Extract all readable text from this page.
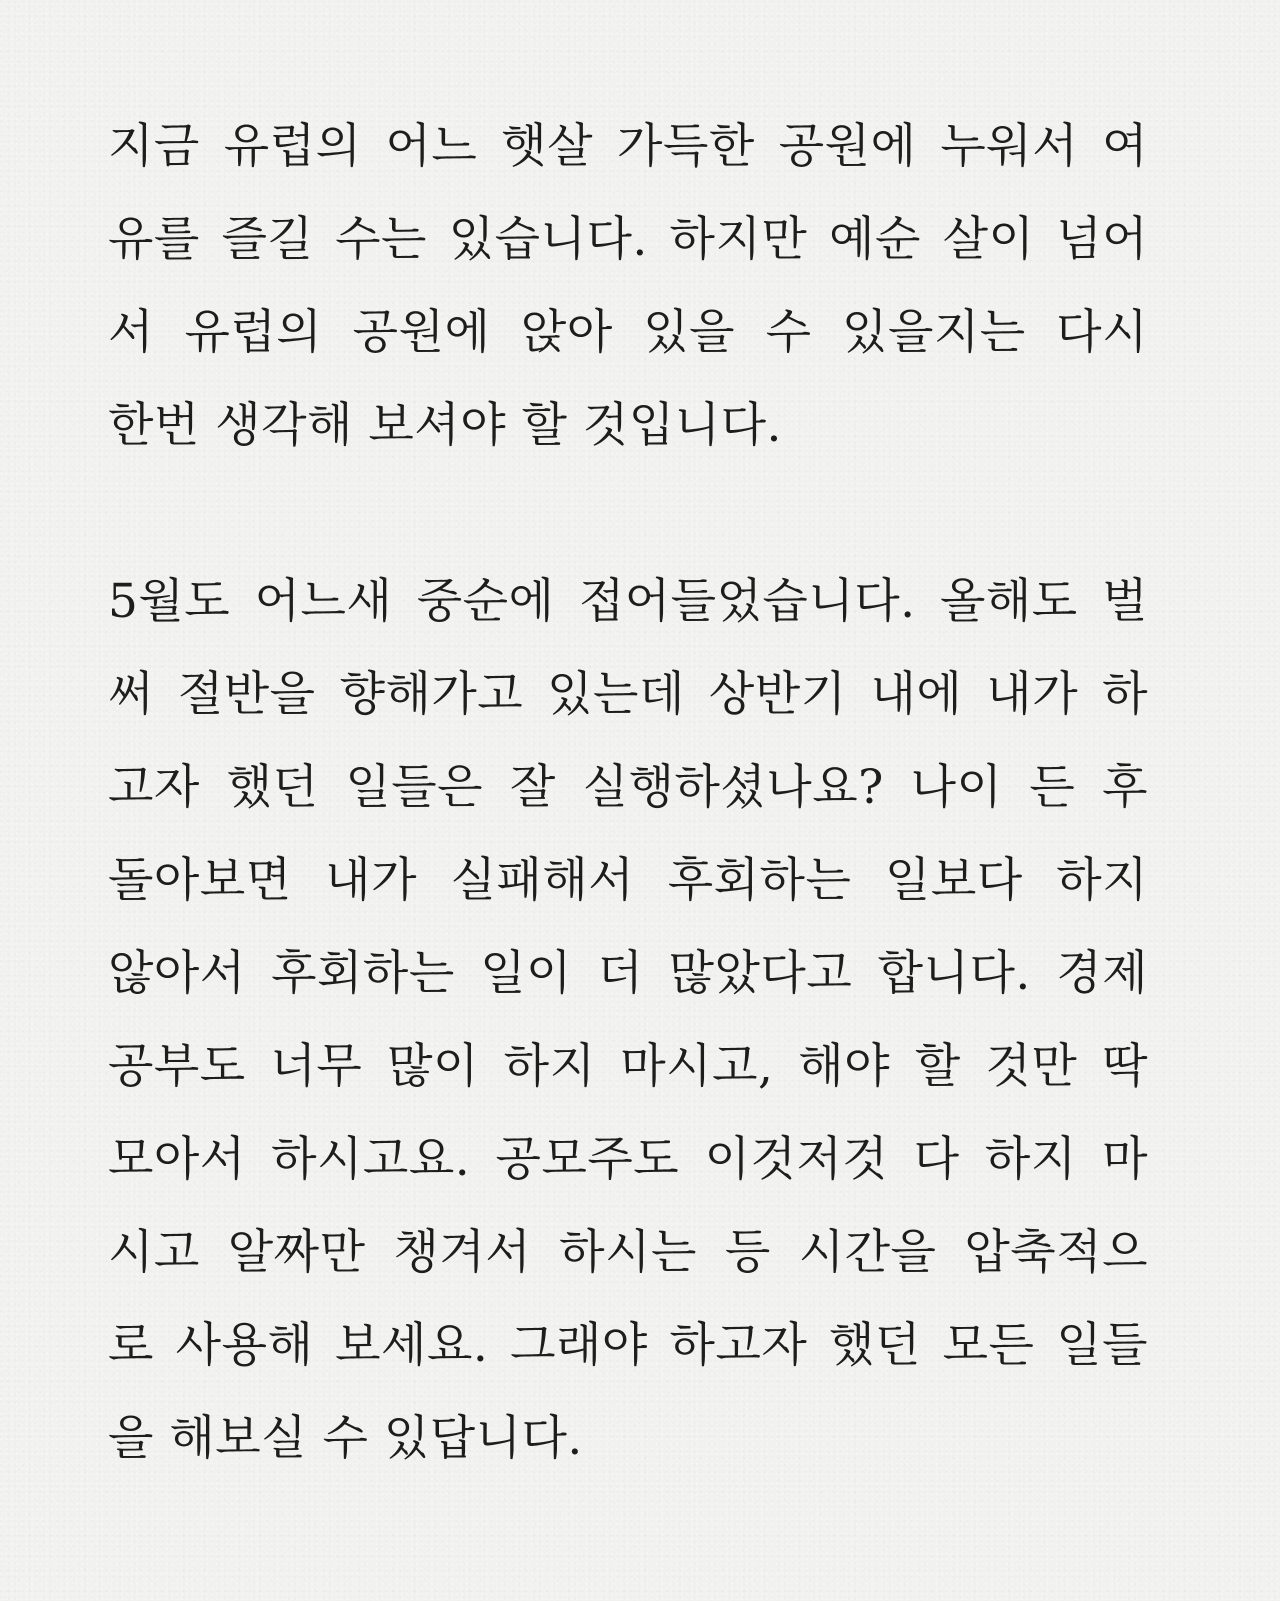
지금 유럽의 어느 햇살 가득한 공원에 누워서 여
유를 즐길 수는 있습니다. 하지만 예순 살이 넘어
서 유럽의 공원에 앉아 있을 수 있을지는 다시
한번 생각해 보셔야 할 것입니다.
5월도 어느새 중순에 접어들었습니다. 올해도 벌
써 절반을 향해가고 있는데 상반기 내에 내가 하
고자 했던 일들은 잘 실행하셨나요? 나이 든 후
돌아보면 내가 실패해서 후회하는 일보다 하지
않아서 후회하는 일이 더 많았다고 합니다. 경제
공부도 너무 많이 하지 마시고, 해야 할 것만 딱
모아서 하시고요. 공모주도 이것저것 다 하지 마
시고 알짜만 챙겨서 하시는 등 시간을 압축적으
로 사용해 보세요. 그래야 하고자 했던 모든 일들
을 해보실 수 있답니다.
